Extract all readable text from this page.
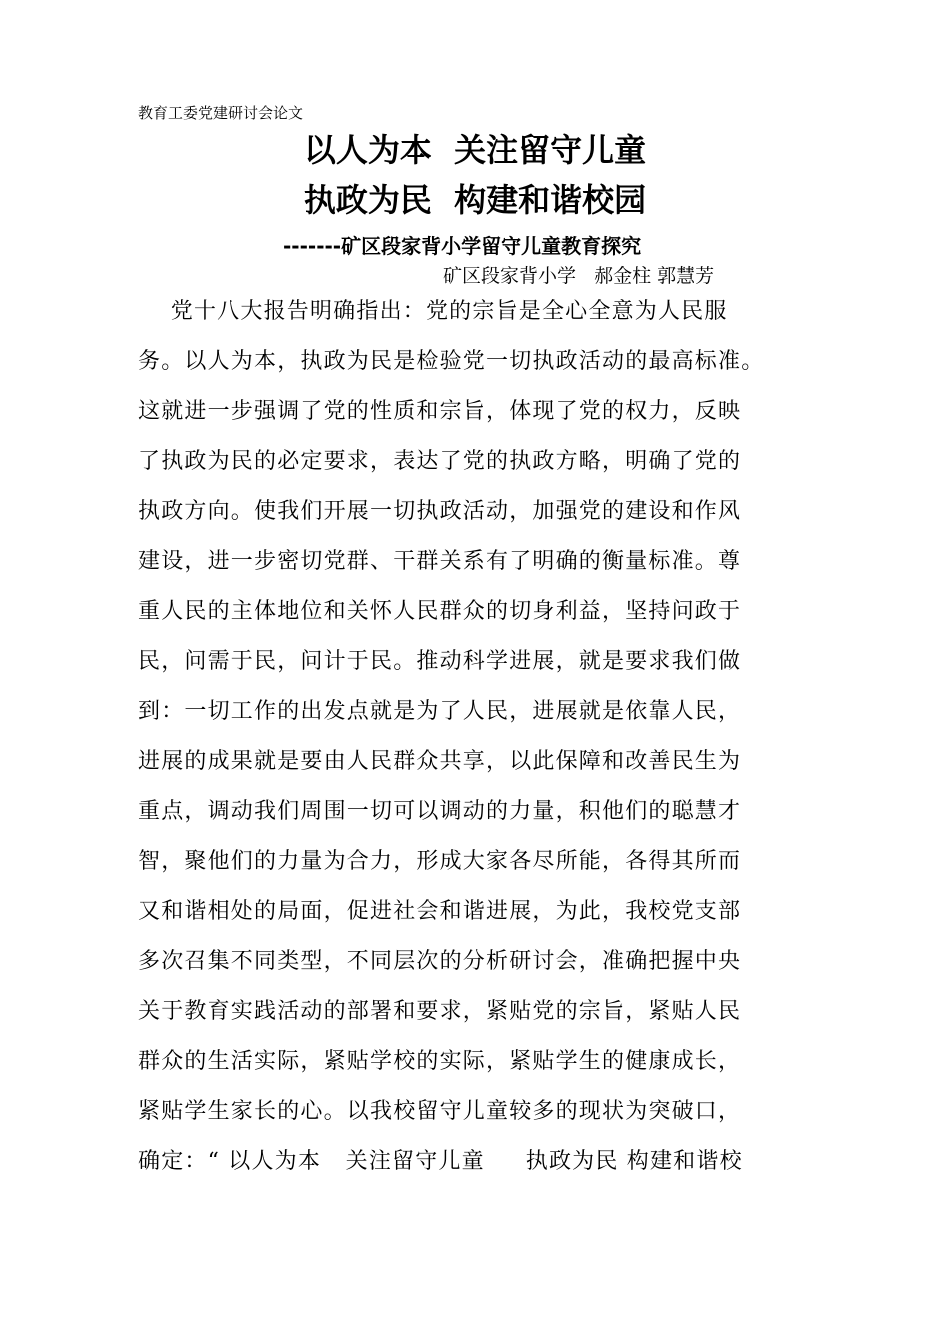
教育工委党建研讨会论文
以人为本  关注留守儿童
执政为民  构建和谐校园
-------矿区段家背小学留守儿童教育探究
矿区段家背小学   郝金柱 郭慧芳
党十八大报告明确指出：党的宗旨是全心全意为人民服
务。以人为本，执政为民是检验党一切执政活动的最高标准。
这就进一步强调了党的性质和宗旨，体现了党的权力，反映
了执政为民的必定要求，表达了党的执政方略，明确了党的
执政方向。使我们开展一切执政活动，加强党的建设和作风
建设，进一步密切党群、干群关系有了明确的衡量标准。尊
重人民的主体地位和关怀人民群众的切身利益，坚持问政于
民，问需于民，问计于民。推动科学进展，就是要求我们做
到：一切工作的出发点就是为了人民，进展就是依靠人民，
进展的成果就是要由人民群众共享，以此保障和改善民生为
重点，调动我们周围一切可以调动的力量，积他们的聪慧才
智，聚他们的力量为合力，形成大家各尽所能，各得其所而
又和谐相处的局面，促进社会和谐进展，为此，我校党支部
多次召集不同类型，不同层次的分析研讨会，准确把握中央
关于教育实践活动的部署和要求，紧贴党的宗旨，紧贴人民
群众的生活实际，紧贴学校的实际，紧贴学生的健康成长，
紧贴学生家长的心。以我校留守儿童较多的现状为突破口，
确定：“ 以人为本   关注留守儿童     执政为民 构建和谐校
